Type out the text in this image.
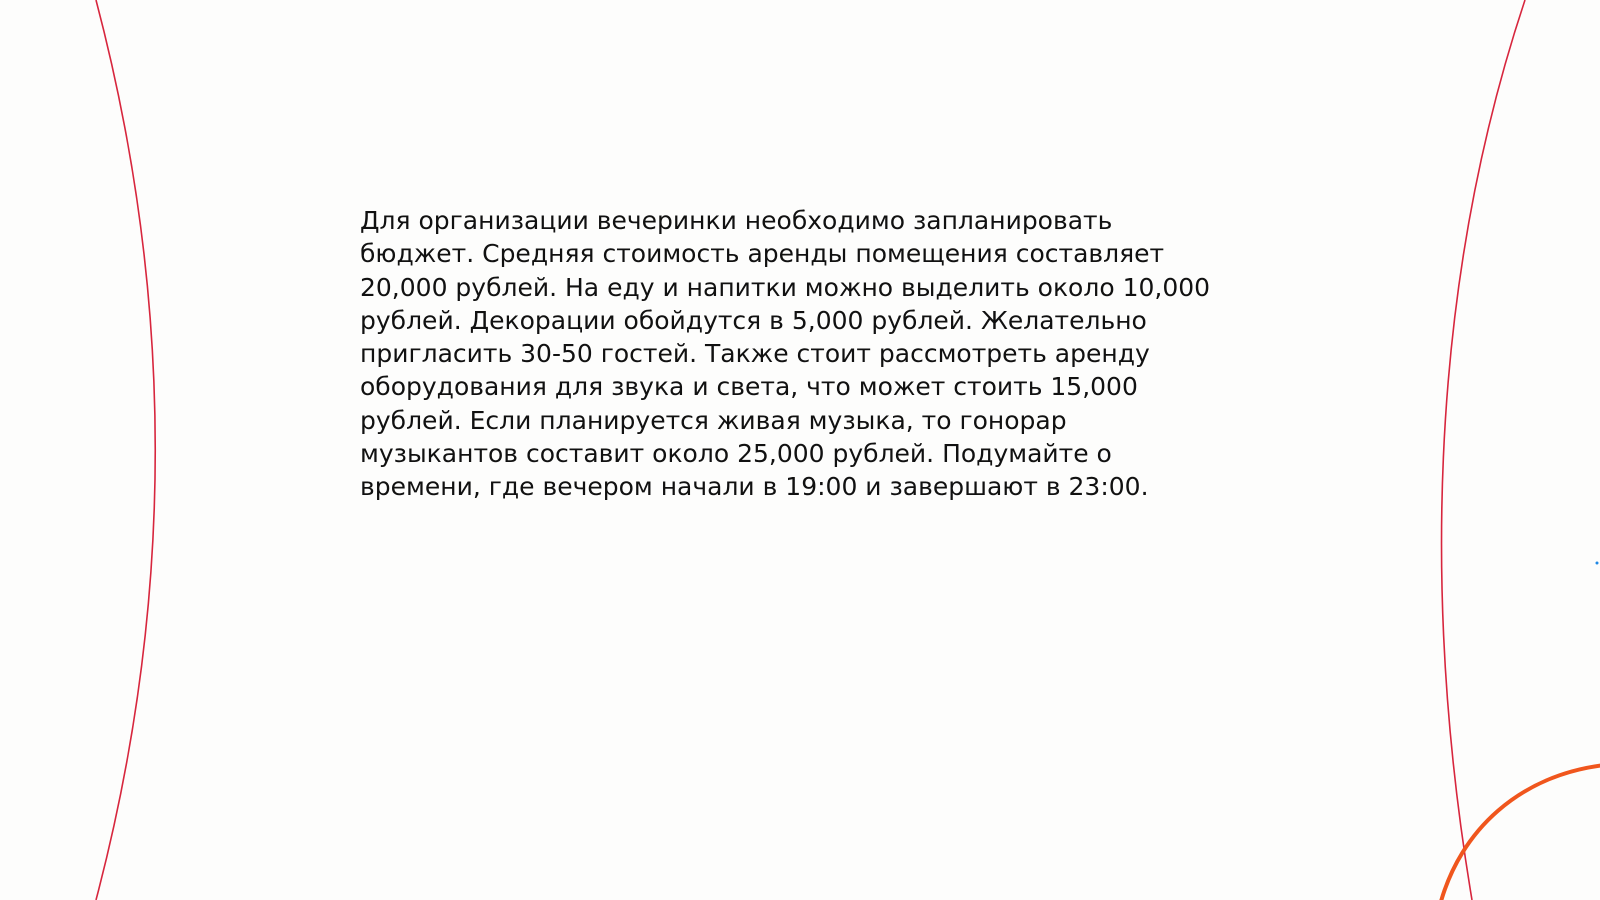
Для организации вечеринки необходимо запланировать
бюджет. Средняя стоимость аренды помещения составляет
20,000 рублей. На еду и напитки можно выделить около 10,000
рублей. Декорации обойдутся в 5,000 рублей. Желательно
пригласить 30-50 гостей. Также стоит рассмотреть аренду
оборудования для звука и света, что может стоить 15,000
рублей. Если планируется живая музыка, то гонорар
музыкантов составит около 25,000 рублей. Подумайте о
времени, где вечером начали в 19:00 и завершают в 23:00.
